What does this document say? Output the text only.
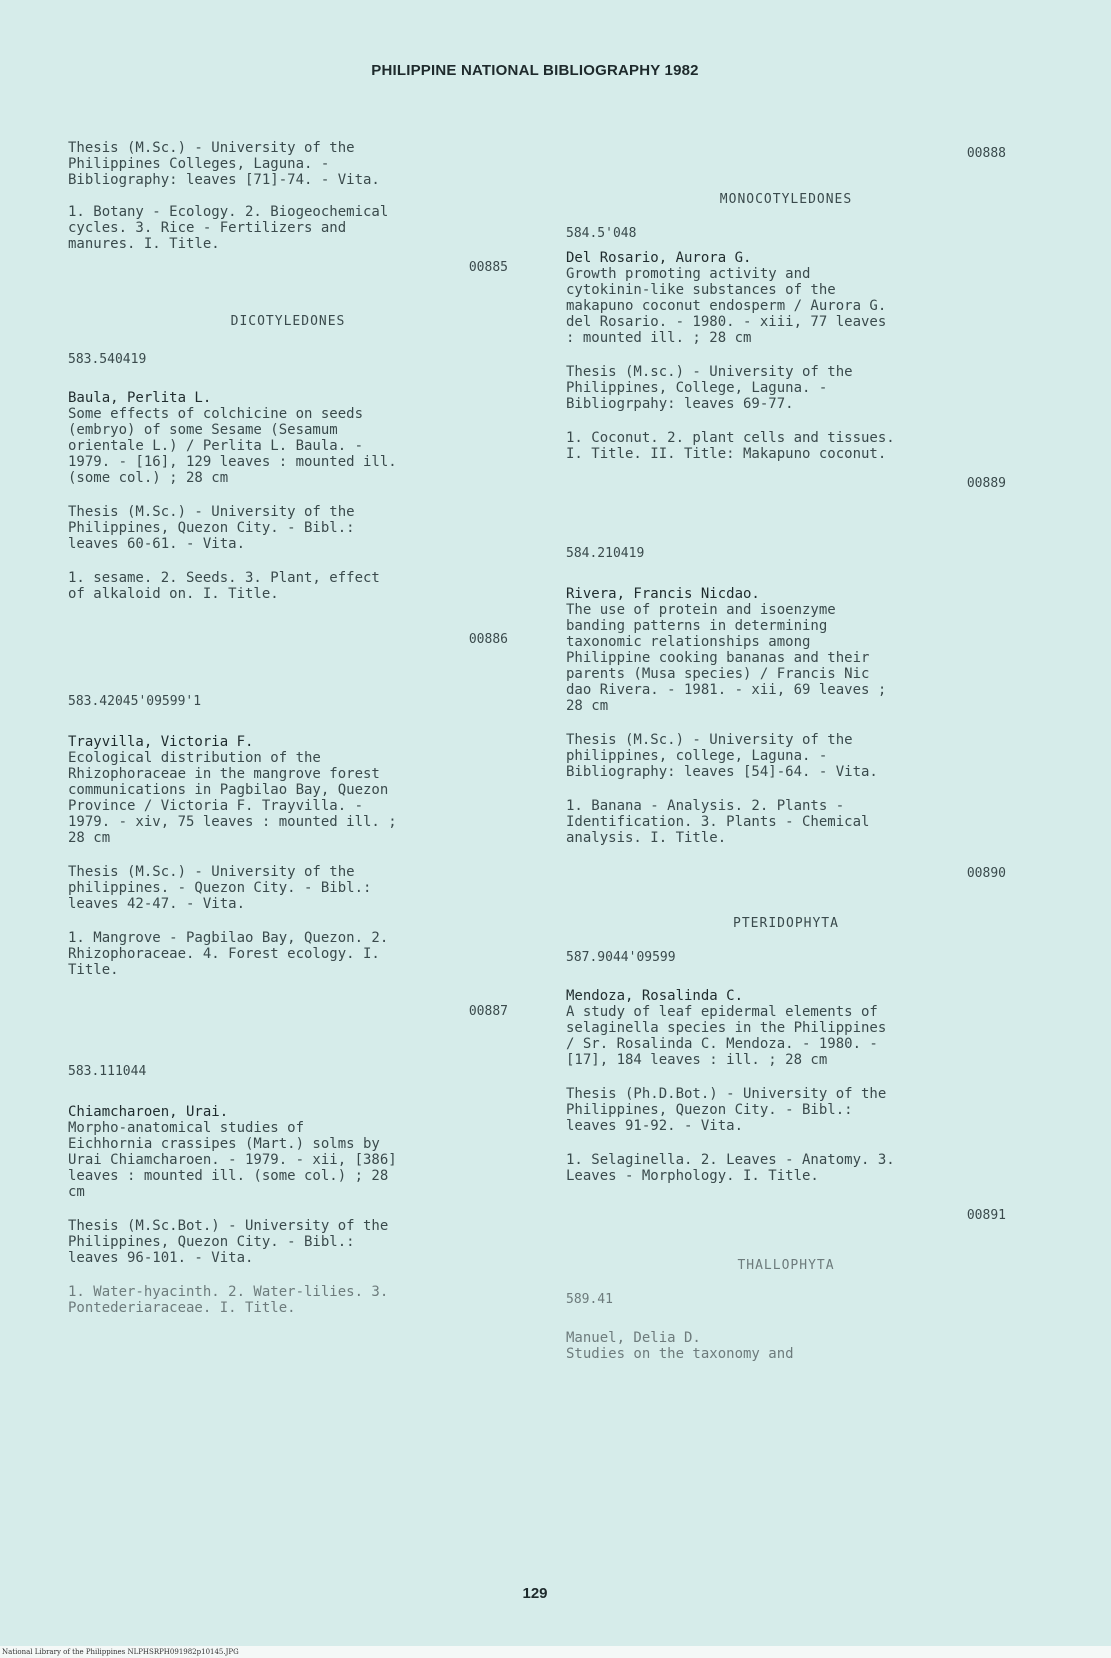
PHILIPPINE NATIONAL BIBLIOGRAPHY 1982
Thesis (M.Sc.) - University of the
Philippines Colleges, Laguna. -
Bibliography: leaves [71]-74. - Vita.
1. Botany - Ecology. 2. Biogeochemical
cycles. 3. Rice - Fertilizers and
manures. I. Title.
00885
DICOTYLEDONES
583.540419
Baula, Perlita L.
Some effects of colchicine on seeds
(embryo) of some Sesame (Sesamum
orientale L.) / Perlita L. Baula. -
1979. - [16], 129 leaves : mounted ill.
(some col.) ; 28 cm
Thesis (M.Sc.) - University of the
Philippines, Quezon City. - Bibl.:
leaves 60-61. - Vita.
1. sesame. 2. Seeds. 3. Plant, effect
of alkaloid on. I. Title.
00886
583.42045'09599'1
Trayvilla, Victoria F.
Ecological distribution of the
Rhizophoraceae in the mangrove forest
communications in Pagbilao Bay, Quezon
Province / Victoria F. Trayvilla. -
1979. - xiv, 75 leaves : mounted ill. ;
28 cm
Thesis (M.Sc.) - University of the
philippines. - Quezon City. - Bibl.:
leaves 42-47. - Vita.
1. Mangrove - Pagbilao Bay, Quezon. 2.
Rhizophoraceae. 4. Forest ecology. I.
Title.
00887
583.111044
Chiamcharoen, Urai.
Morpho-anatomical studies of
Eichhornia crassipes (Mart.) solms by
Urai Chiamcharoen. - 1979. - xii, [386]
leaves : mounted ill. (some col.) ; 28
cm
Thesis (M.Sc.Bot.) - University of the
Philippines, Quezon City. - Bibl.:
leaves 96-101. - Vita.
1. Water-hyacinth. 2. Water-lilies. 3.
Pontederiaraceae. I. Title.
00888
MONOCOTYLEDONES
584.5'048
Del Rosario, Aurora G.
Growth promoting activity and
cytokinin-like substances of the
makapuno coconut endosperm / Aurora G.
del Rosario. - 1980. - xiii, 77 leaves
: mounted ill. ; 28 cm
Thesis (M.sc.) - University of the
Philippines, College, Laguna. -
Bibliogrpahy: leaves 69-77.
1. Coconut. 2. plant cells and tissues.
I. Title. II. Title: Makapuno coconut.
00889
584.210419
Rivera, Francis Nicdao.
The use of protein and isoenzyme
banding patterns in determining
taxonomic relationships among
Philippine cooking bananas and their
parents (Musa species) / Francis Nic
dao Rivera. - 1981. - xii, 69 leaves ;
28 cm
Thesis (M.Sc.) - University of the
philippines, college, Laguna. -
Bibliography: leaves [54]-64. - Vita.
1. Banana - Analysis. 2. Plants -
Identification. 3. Plants - Chemical
analysis. I. Title.
00890
PTERIDOPHYTA
587.9044'09599
Mendoza, Rosalinda C.
A study of leaf epidermal elements of
selaginella species in the Philippines
/ Sr. Rosalinda C. Mendoza. - 1980. -
[17], 184 leaves : ill. ; 28 cm
Thesis (Ph.D.Bot.) - University of the
Philippines, Quezon City. - Bibl.:
leaves 91-92. - Vita.
1. Selaginella. 2. Leaves - Anatomy. 3.
Leaves - Morphology. I. Title.
00891
THALLOPHYTA
589.41
Manuel, Delia D.
Studies on the taxonomy and
129
National Library of the Philippines NLPHSRPH091982p10145.JPG
